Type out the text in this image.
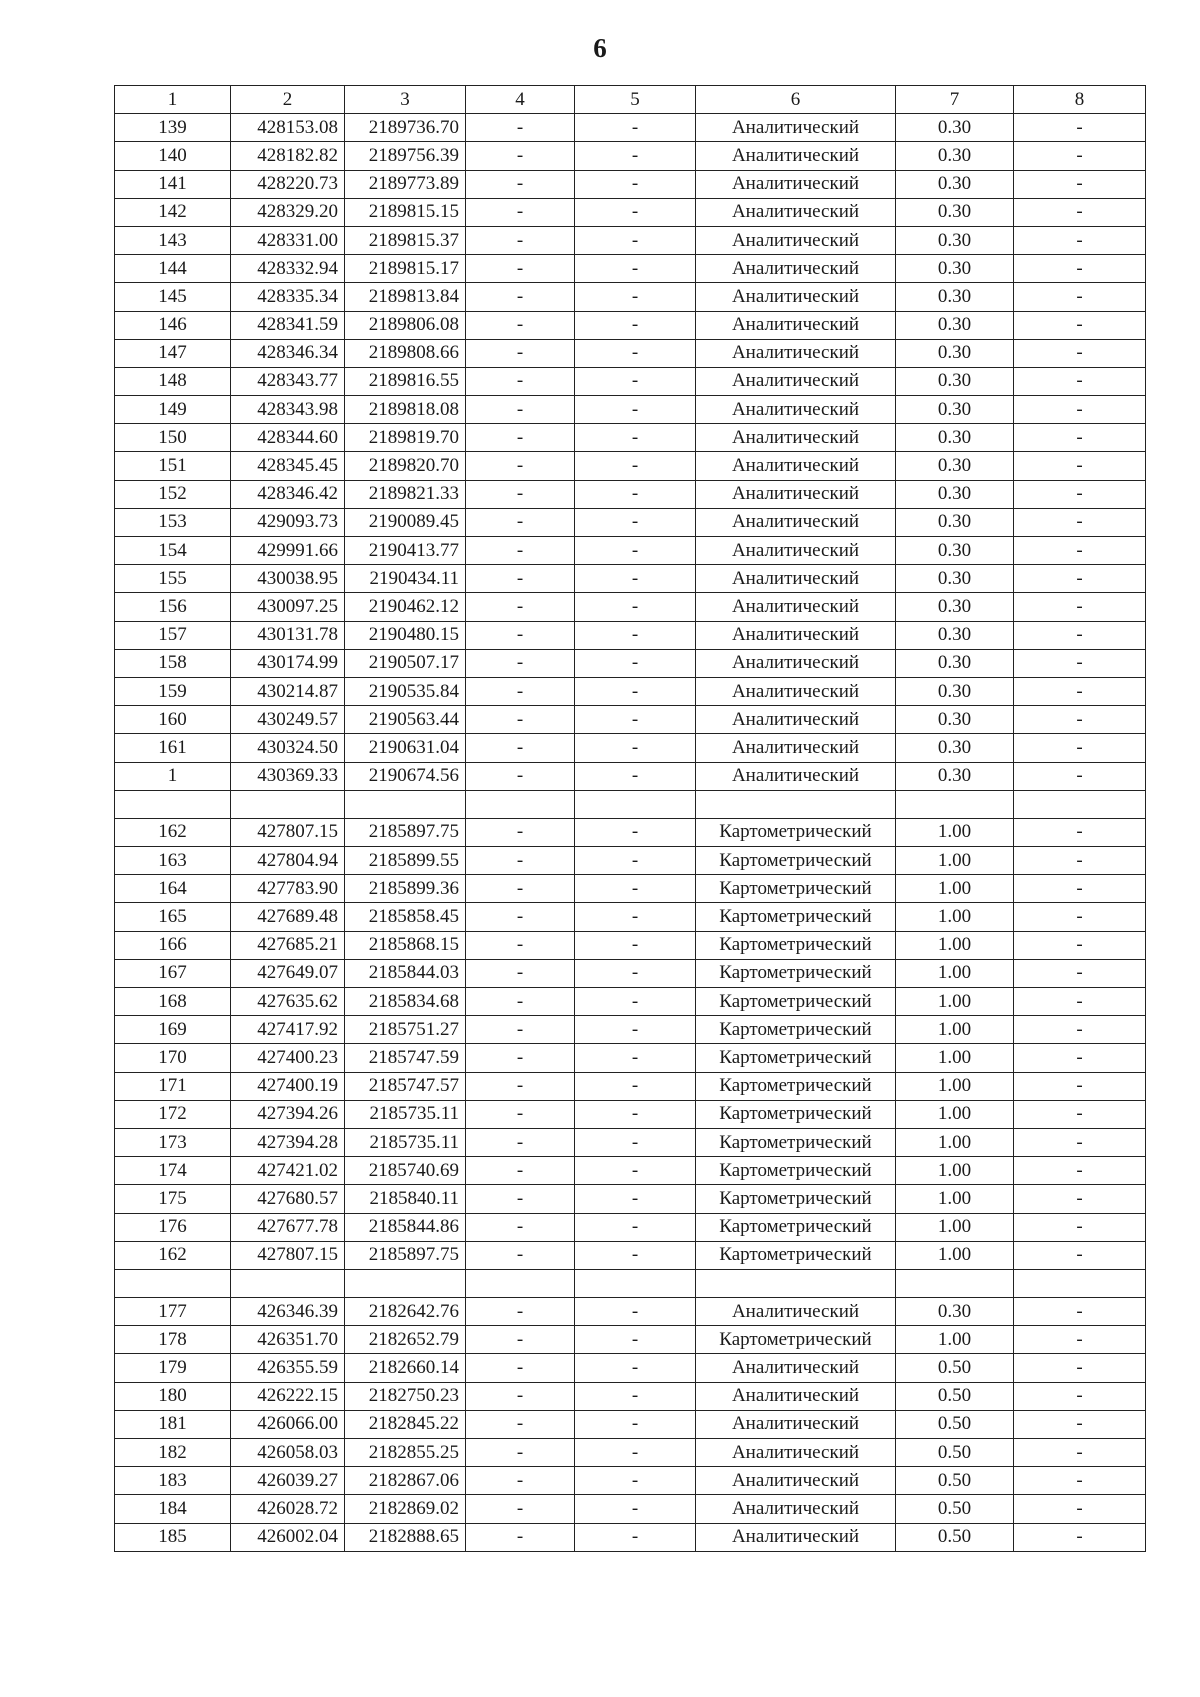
6
1	2	3	4	5	6	7	8
139	428153.08	2189736.70	-	-	Аналитический	0.30	-
140	428182.82	2189756.39	-	-	Аналитический	0.30	-
141	428220.73	2189773.89	-	-	Аналитический	0.30	-
142	428329.20	2189815.15	-	-	Аналитический	0.30	-
143	428331.00	2189815.37	-	-	Аналитический	0.30	-
144	428332.94	2189815.17	-	-	Аналитический	0.30	-
145	428335.34	2189813.84	-	-	Аналитический	0.30	-
146	428341.59	2189806.08	-	-	Аналитический	0.30	-
147	428346.34	2189808.66	-	-	Аналитический	0.30	-
148	428343.77	2189816.55	-	-	Аналитический	0.30	-
149	428343.98	2189818.08	-	-	Аналитический	0.30	-
150	428344.60	2189819.70	-	-	Аналитический	0.30	-
151	428345.45	2189820.70	-	-	Аналитический	0.30	-
152	428346.42	2189821.33	-	-	Аналитический	0.30	-
153	429093.73	2190089.45	-	-	Аналитический	0.30	-
154	429991.66	2190413.77	-	-	Аналитический	0.30	-
155	430038.95	2190434.11	-	-	Аналитический	0.30	-
156	430097.25	2190462.12	-	-	Аналитический	0.30	-
157	430131.78	2190480.15	-	-	Аналитический	0.30	-
158	430174.99	2190507.17	-	-	Аналитический	0.30	-
159	430214.87	2190535.84	-	-	Аналитический	0.30	-
160	430249.57	2190563.44	-	-	Аналитический	0.30	-
161	430324.50	2190631.04	-	-	Аналитический	0.30	-
1	430369.33	2190674.56	-	-	Аналитический	0.30	-

162	427807.15	2185897.75	-	-	Картометрический	1.00	-
163	427804.94	2185899.55	-	-	Картометрический	1.00	-
164	427783.90	2185899.36	-	-	Картометрический	1.00	-
165	427689.48	2185858.45	-	-	Картометрический	1.00	-
166	427685.21	2185868.15	-	-	Картометрический	1.00	-
167	427649.07	2185844.03	-	-	Картометрический	1.00	-
168	427635.62	2185834.68	-	-	Картометрический	1.00	-
169	427417.92	2185751.27	-	-	Картометрический	1.00	-
170	427400.23	2185747.59	-	-	Картометрический	1.00	-
171	427400.19	2185747.57	-	-	Картометрический	1.00	-
172	427394.26	2185735.11	-	-	Картометрический	1.00	-
173	427394.28	2185735.11	-	-	Картометрический	1.00	-
174	427421.02	2185740.69	-	-	Картометрический	1.00	-
175	427680.57	2185840.11	-	-	Картометрический	1.00	-
176	427677.78	2185844.86	-	-	Картометрический	1.00	-
162	427807.15	2185897.75	-	-	Картометрический	1.00	-

177	426346.39	2182642.76	-	-	Аналитический	0.30	-
178	426351.70	2182652.79	-	-	Картометрический	1.00	-
179	426355.59	2182660.14	-	-	Аналитический	0.50	-
180	426222.15	2182750.23	-	-	Аналитический	0.50	-
181	426066.00	2182845.22	-	-	Аналитический	0.50	-
182	426058.03	2182855.25	-	-	Аналитический	0.50	-
183	426039.27	2182867.06	-	-	Аналитический	0.50	-
184	426028.72	2182869.02	-	-	Аналитический	0.50	-
185	426002.04	2182888.65	-	-	Аналитический	0.50	-
